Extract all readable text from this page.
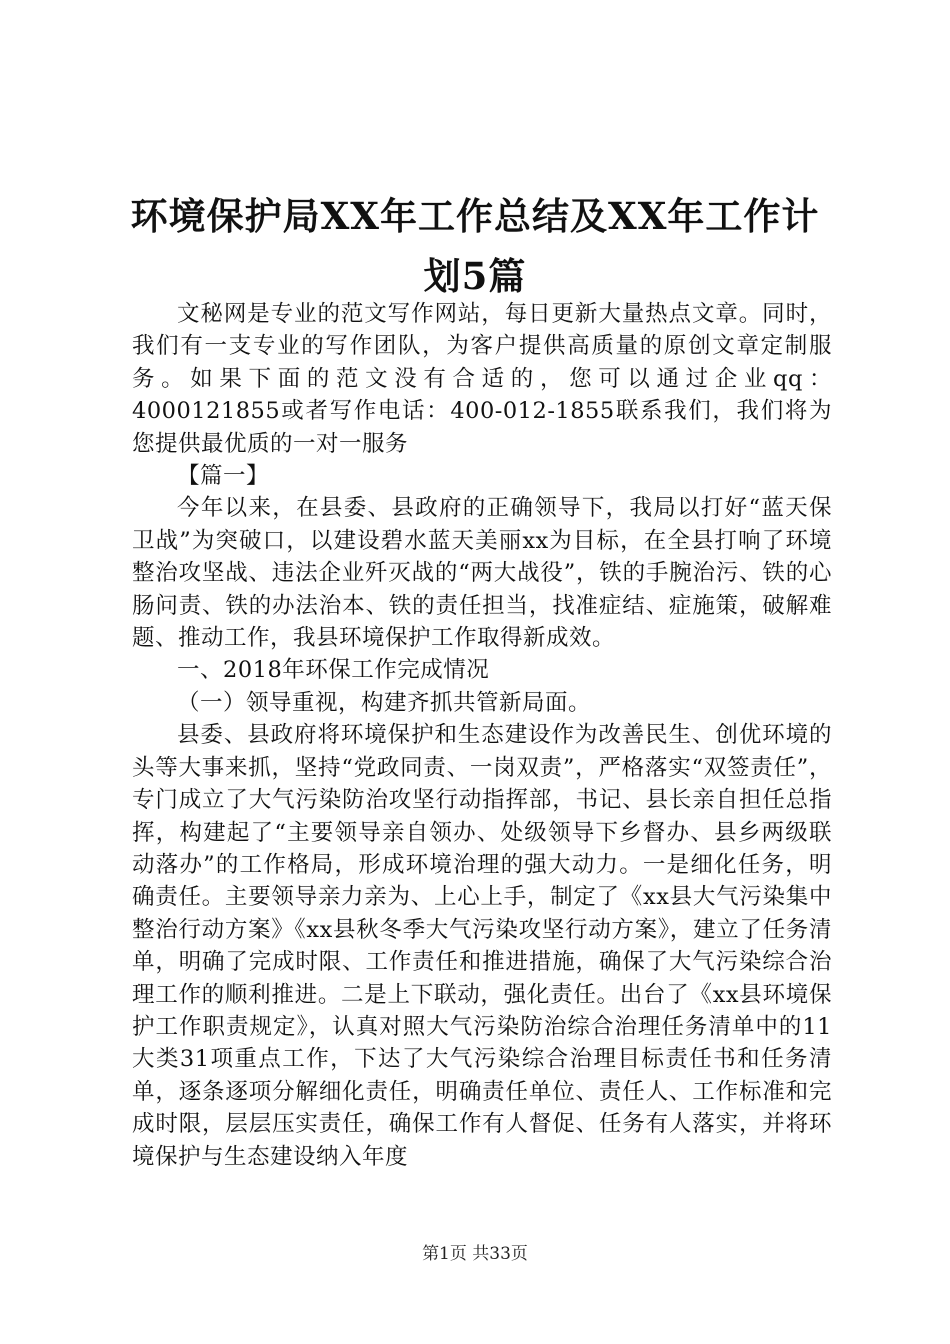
环境保护局XX年工作总结及XX年工作计划5篇

文秘网是专业的范文写作网站，每日更新大量热点文章。同时，我们有一支专业的写作团队，为客户提供高质量的原创文章定制服务。如果下面的范文没有合适的，您可以通过企业qq：4000121855或者写作电话：400-012-1855联系我们，我们将为您提供最优质的一对一服务

【篇一】

今年以来，在县委、县政府的正确领导下，我局以打好“蓝天保卫战”为突破口，以建设碧水蓝天美丽xx为目标，在全县打响了环境整治攻坚战、违法企业歼灭战的“两大战役”，铁的手腕治污、铁的心肠问责、铁的办法治本、铁的责任担当，找准症结、症施策，破解难题、推动工作，我县环境保护工作取得新成效。

一、2018年环保工作完成情况

（一）领导重视，构建齐抓共管新局面。

县委、县政府将环境保护和生态建设作为改善民生、创优环境的头等大事来抓，坚持“党政同责、一岗双责”，严格落实“双签责任”，专门成立了大气污染防治攻坚行动指挥部，书记、县长亲自担任总指挥，构建起了“主要领导亲自领办、处级领导下乡督办、县乡两级联动落办”的工作格局，形成环境治理的强大动力。一是细化任务，明确责任。主要领导亲力亲为、上心上手，制定了《xx县大气污染集中整治行动方案》《xx县秋冬季大气污染攻坚行动方案》，建立了任务清单，明确了完成时限、工作责任和推进措施，确保了大气污染综合治理工作的顺利推进。二是上下联动，强化责任。出台了《xx县环境保护工作职责规定》，认真对照大气污染防治综合治理任务清单中的11大类31项重点工作，下达了大气污染综合治理目标责任书和任务清单，逐条逐项分解细化责任，明确责任单位、责任人、工作标准和完成时限，层层压实责任，确保工作有人督促、任务有人落实，并将环境保护与生态建设纳入年度

第1页 共33页
